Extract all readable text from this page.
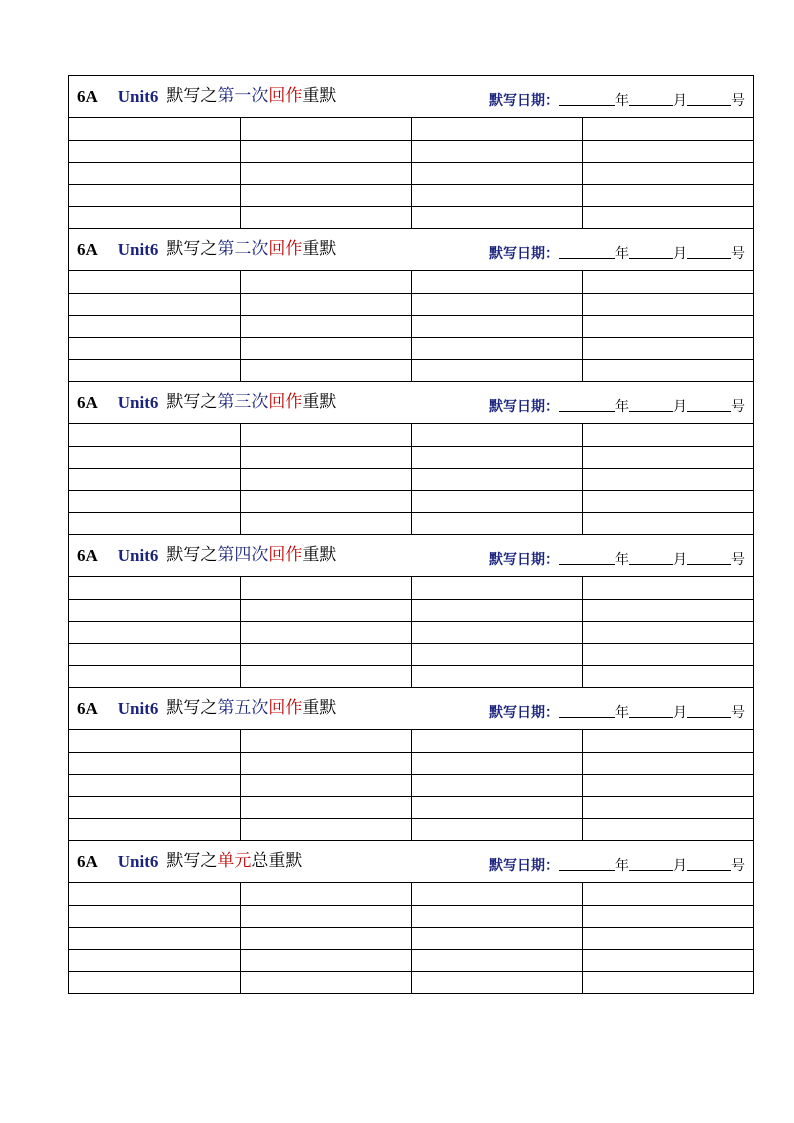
6A Unit6 默写之 第一次 回作 重默	默写日期：	年	月	号

6A Unit6 默写之 第二次 回作 重默	默写日期：	年	月	号

6A Unit6 默写之 第三次 回作 重默	默写日期：	年	月	号

6A Unit6 默写之 第四次 回作 重默	默写日期：	年	月	号

6A Unit6 默写之 第五次 回作 重默	默写日期：	年	月	号

6A Unit6 默写之 单元 总重默	默写日期：	年	月	号
